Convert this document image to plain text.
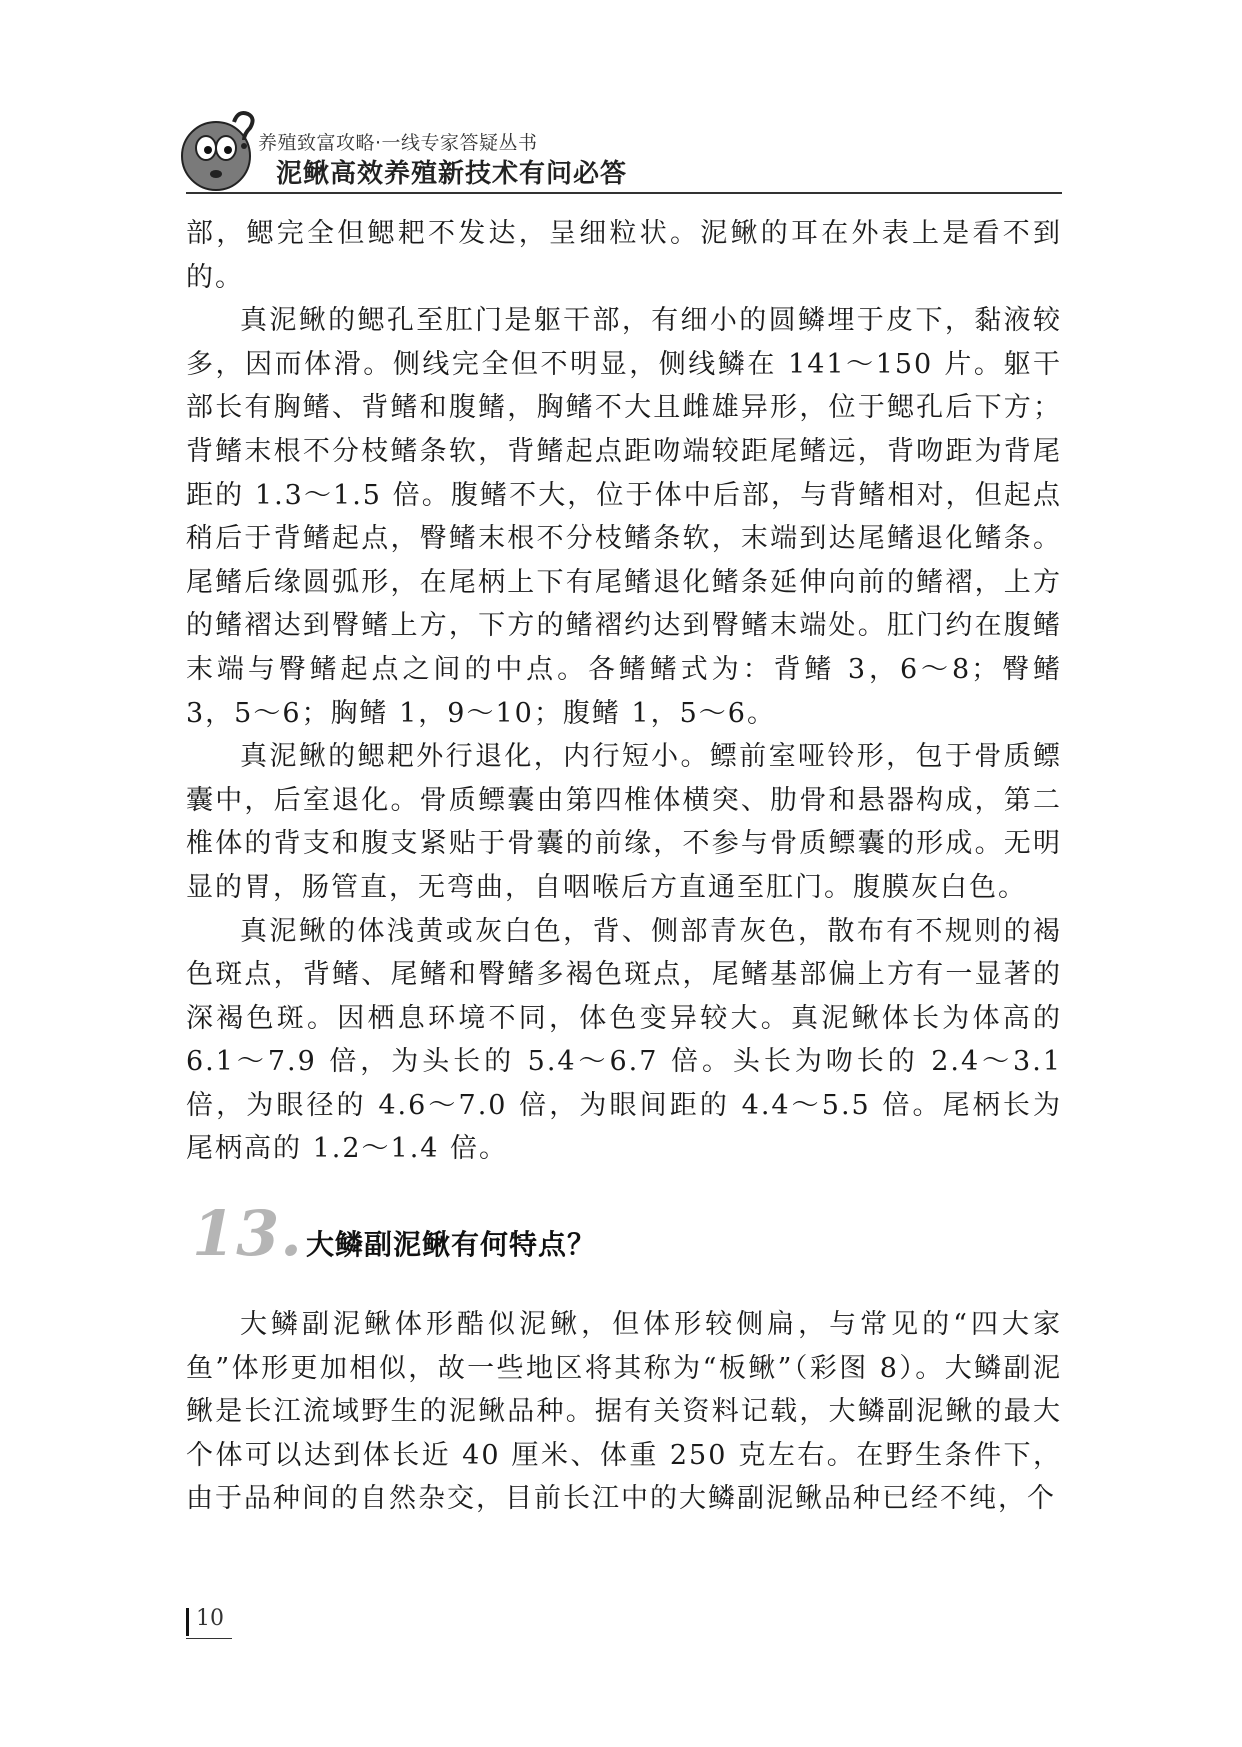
养殖致富攻略·一线专家答疑丛书
泥鳅高效养殖新技术有问必答

部，鳃完全但鳃耙不发达，呈细粒状。泥鳅的耳在外表上是看不到的。

真泥鳅的鳃孔至肛门是躯干部，有细小的圆鳞埋于皮下，黏液较多，因而体滑。侧线完全但不明显，侧线鳞在 141～150 片。躯干部长有胸鳍、背鳍和腹鳍，胸鳍不大且雌雄异形，位于鳃孔后下方；背鳍末根不分枝鳍条软，背鳍起点距吻端较距尾鳍远，背吻距为背尾距的 1.3～1.5 倍。腹鳍不大，位于体中后部，与背鳍相对，但起点稍后于背鳍起点，臀鳍末根不分枝鳍条软，末端到达尾鳍退化鳍条。尾鳍后缘圆弧形，在尾柄上下有尾鳍退化鳍条延伸向前的鳍褶，上方的鳍褶达到臀鳍上方，下方的鳍褶约达到臀鳍末端处。肛门约在腹鳍末端与臀鳍起点之间的中点。各鳍鳍式为：背鳍 3，6～8；臀鳍 3，5～6；胸鳍 1，9～10；腹鳍 1，5～6。

真泥鳅的鳃耙外行退化，内行短小。鳔前室哑铃形，包于骨质鳔囊中，后室退化。骨质鳔囊由第四椎体横突、肋骨和悬器构成，第二椎体的背支和腹支紧贴于骨囊的前缘，不参与骨质鳔囊的形成。无明显的胃，肠管直，无弯曲，自咽喉后方直通至肛门。腹膜灰白色。

真泥鳅的体浅黄或灰白色，背、侧部青灰色，散布有不规则的褐色斑点，背鳍、尾鳍和臀鳍多褐色斑点，尾鳍基部偏上方有一显著的深褐色斑。因栖息环境不同，体色变异较大。真泥鳅体长为体高的 6.1～7.9 倍，为头长的 5.4～6.7 倍。头长为吻长的 2.4～3.1 倍，为眼径的 4.6～7.0 倍，为眼间距的 4.4～5.5 倍。尾柄长为尾柄高的 1.2～1.4 倍。

13. 大鳞副泥鳅有何特点？

大鳞副泥鳅体形酷似泥鳅，但体形较侧扁，与常见的“四大家鱼”体形更加相似，故一些地区将其称为“板鳅”（彩图 8）。大鳞副泥鳅是长江流域野生的泥鳅品种。据有关资料记载，大鳞副泥鳅的最大个体可以达到体长近 40 厘米、体重 250 克左右。在野生条件下，由于品种间的自然杂交，目前长江中的大鳞副泥鳅品种已经不纯，个

10
